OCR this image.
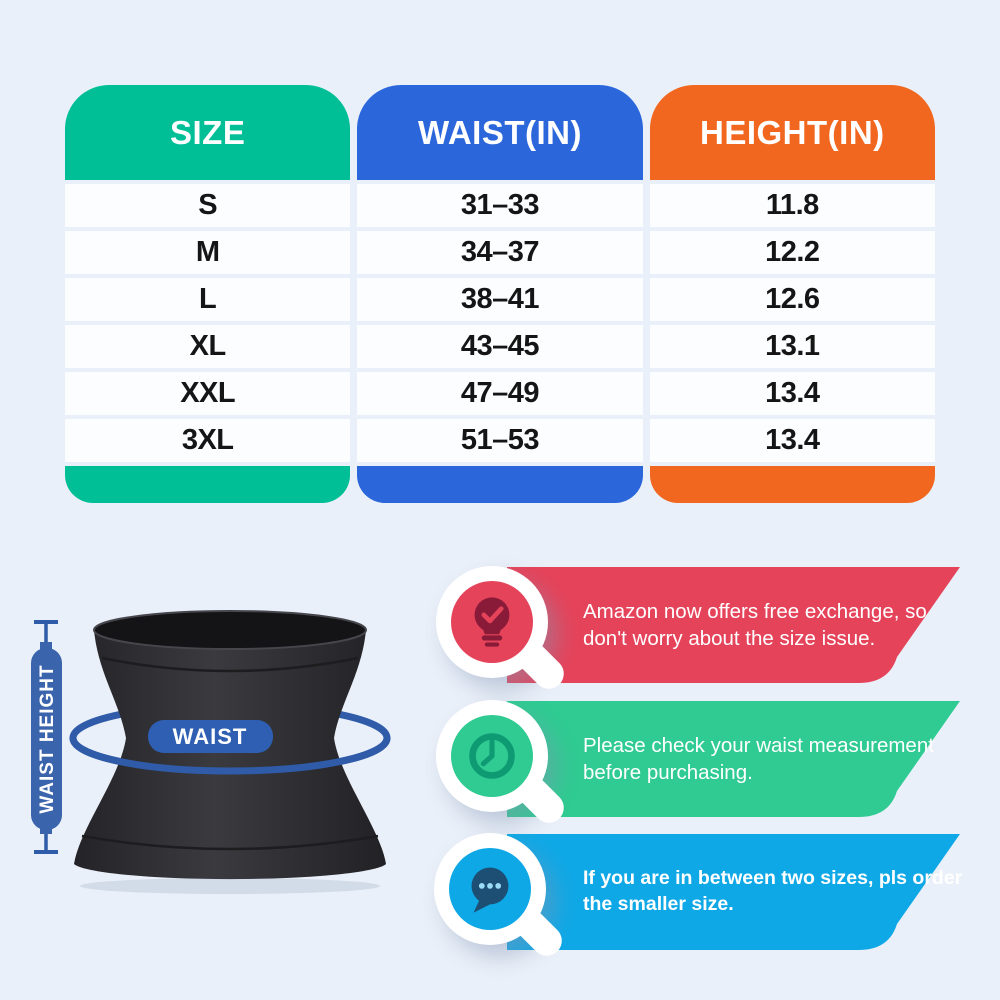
SIZE	WAIST(IN)	HEIGHT(IN)
S	31–33	11.8
M	34–37	12.2
L	38–41	12.6
XL	43–45	13.1
XXL	47–49	13.4
3XL	51–53	13.4
WAIST
WAIST HEIGHT
Amazon now offers free exchange, so
don't worry about the size issue.
Please check your waist measurement
before purchasing.
If you are in between two sizes, pls order
the smaller size.
